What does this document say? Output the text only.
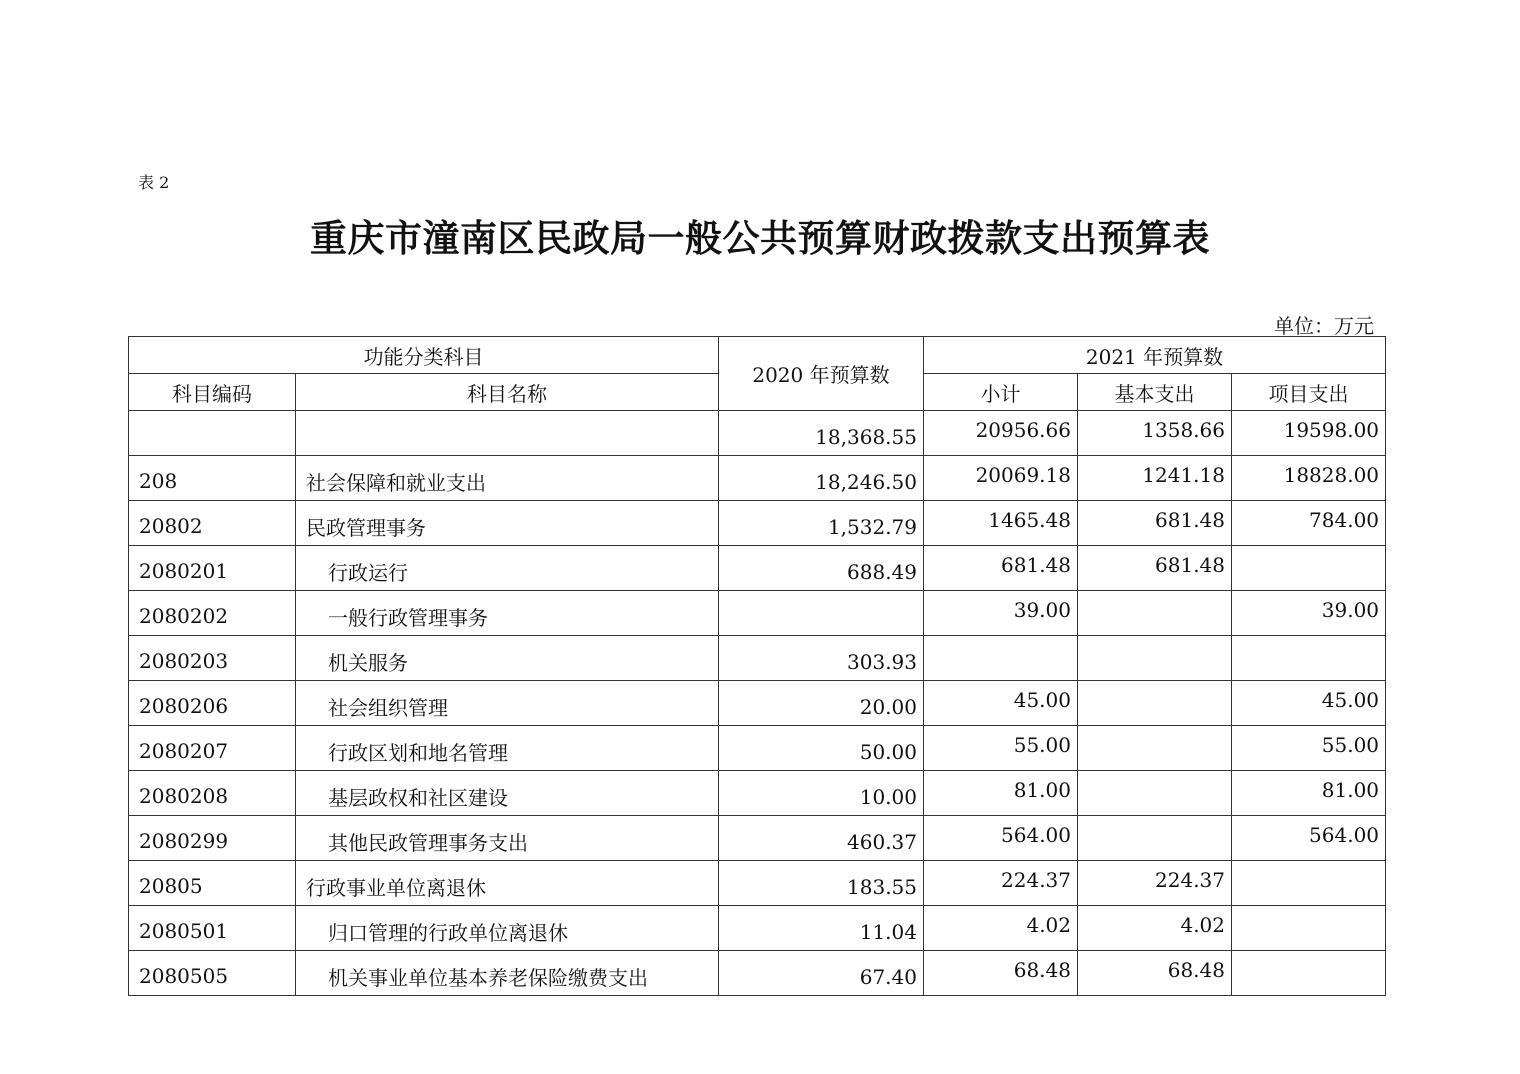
表 2
重庆市潼南区民政局一般公共预算财政拨款支出预算表
单位：万元
功能分类科目		2020 年预算数	2021 年预算数		
科目编码	科目名称		小计	基本支出	项目支出
		18,368.55	20956.66	1358.66	19598.00
208	社会保障和就业支出	18,246.50	20069.18	1241.18	18828.00
20802	民政管理事务	1,532.79	1465.48	681.48	784.00
2080201	行政运行	688.49	681.48	681.48	
2080202	一般行政管理事务		39.00		39.00
2080203	机关服务	303.93			
2080206	社会组织管理	20.00	45.00		45.00
2080207	行政区划和地名管理	50.00	55.00		55.00
2080208	基层政权和社区建设	10.00	81.00		81.00
2080299	其他民政管理事务支出	460.37	564.00		564.00
20805	行政事业单位离退休	183.55	224.37	224.37	
2080501	归口管理的行政单位离退休	11.04	4.02	4.02	
2080505	机关事业单位基本养老保险缴费支出	67.40	68.48	68.48	
